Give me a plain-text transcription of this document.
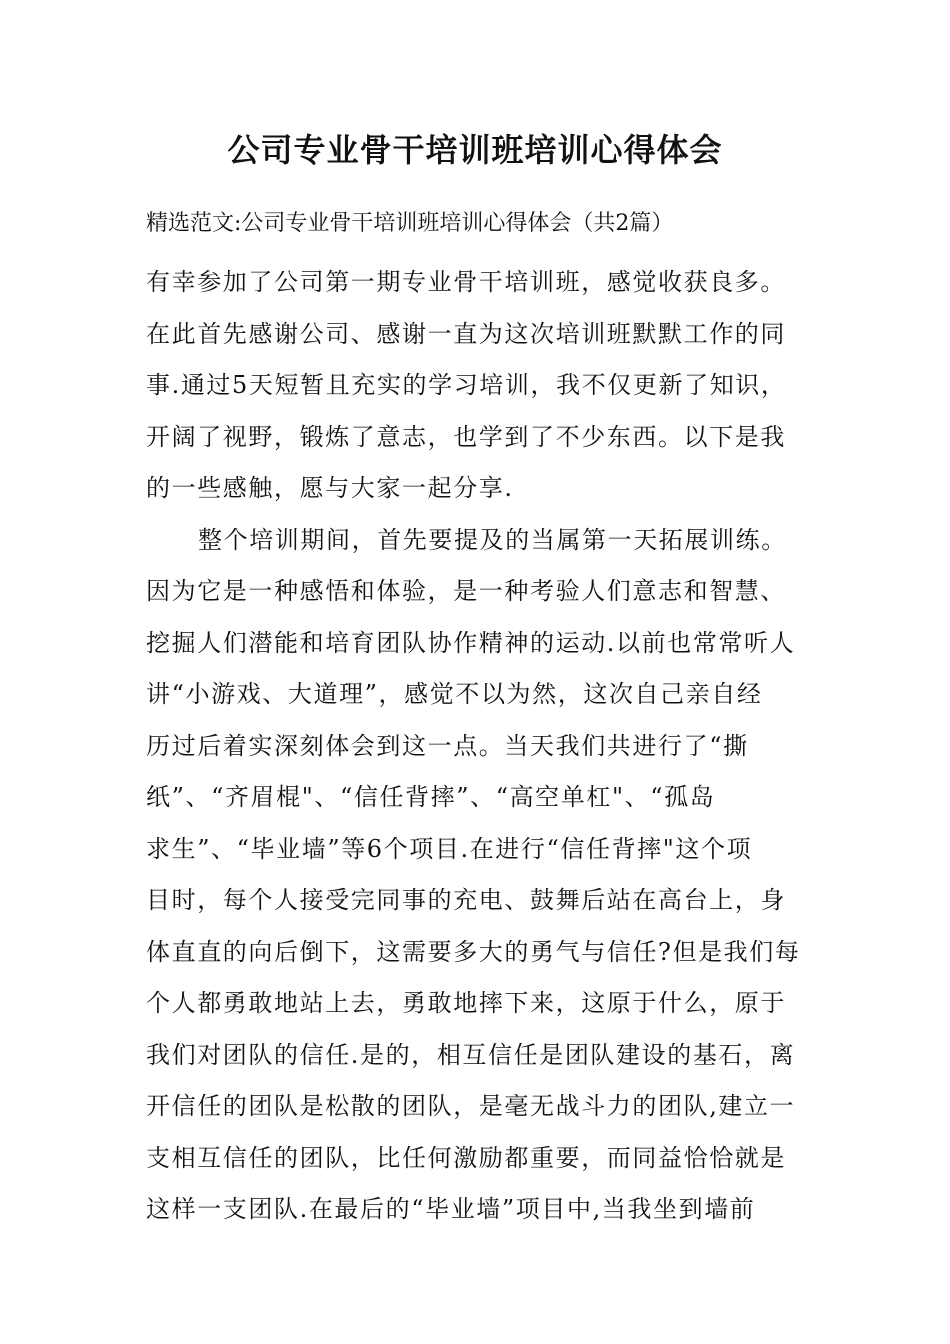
公司专业骨干培训班培训心得体会

精选范文:公司专业骨干培训班培训心得体会（共2篇）

有幸参加了公司第一期专业骨干培训班，感觉收获良多。
在此首先感谢公司、感谢一直为这次培训班默默工作的同
事.通过5天短暂且充实的学习培训，我不仅更新了知识，
开阔了视野，锻炼了意志，也学到了不少东西。以下是我
的一些感触，愿与大家一起分享.
整个培训期间，首先要提及的当属第一天拓展训练。
因为它是一种感悟和体验，是一种考验人们意志和智慧、
挖掘人们潜能和培育团队协作精神的运动.以前也常常听人
讲“小游戏、大道理”，感觉不以为然，这次自己亲自经
历过后着实深刻体会到这一点。当天我们共进行了“撕
纸”、“齐眉棍"、“信任背摔”、“高空单杠"、“孤岛
求生”、“毕业墙”等6个项目.在进行“信任背摔"这个项
目时，每个人接受完同事的充电、鼓舞后站在高台上，身
体直直的向后倒下，这需要多大的勇气与信任?但是我们每
个人都勇敢地站上去，勇敢地摔下来，这原于什么，原于
我们对团队的信任.是的，相互信任是团队建设的基石，离
开信任的团队是松散的团队，是毫无战斗力的团队,建立一
支相互信任的团队，比任何激励都重要，而同益恰恰就是
这样一支团队.在最后的“毕业墙”项目中,当我坐到墙前
